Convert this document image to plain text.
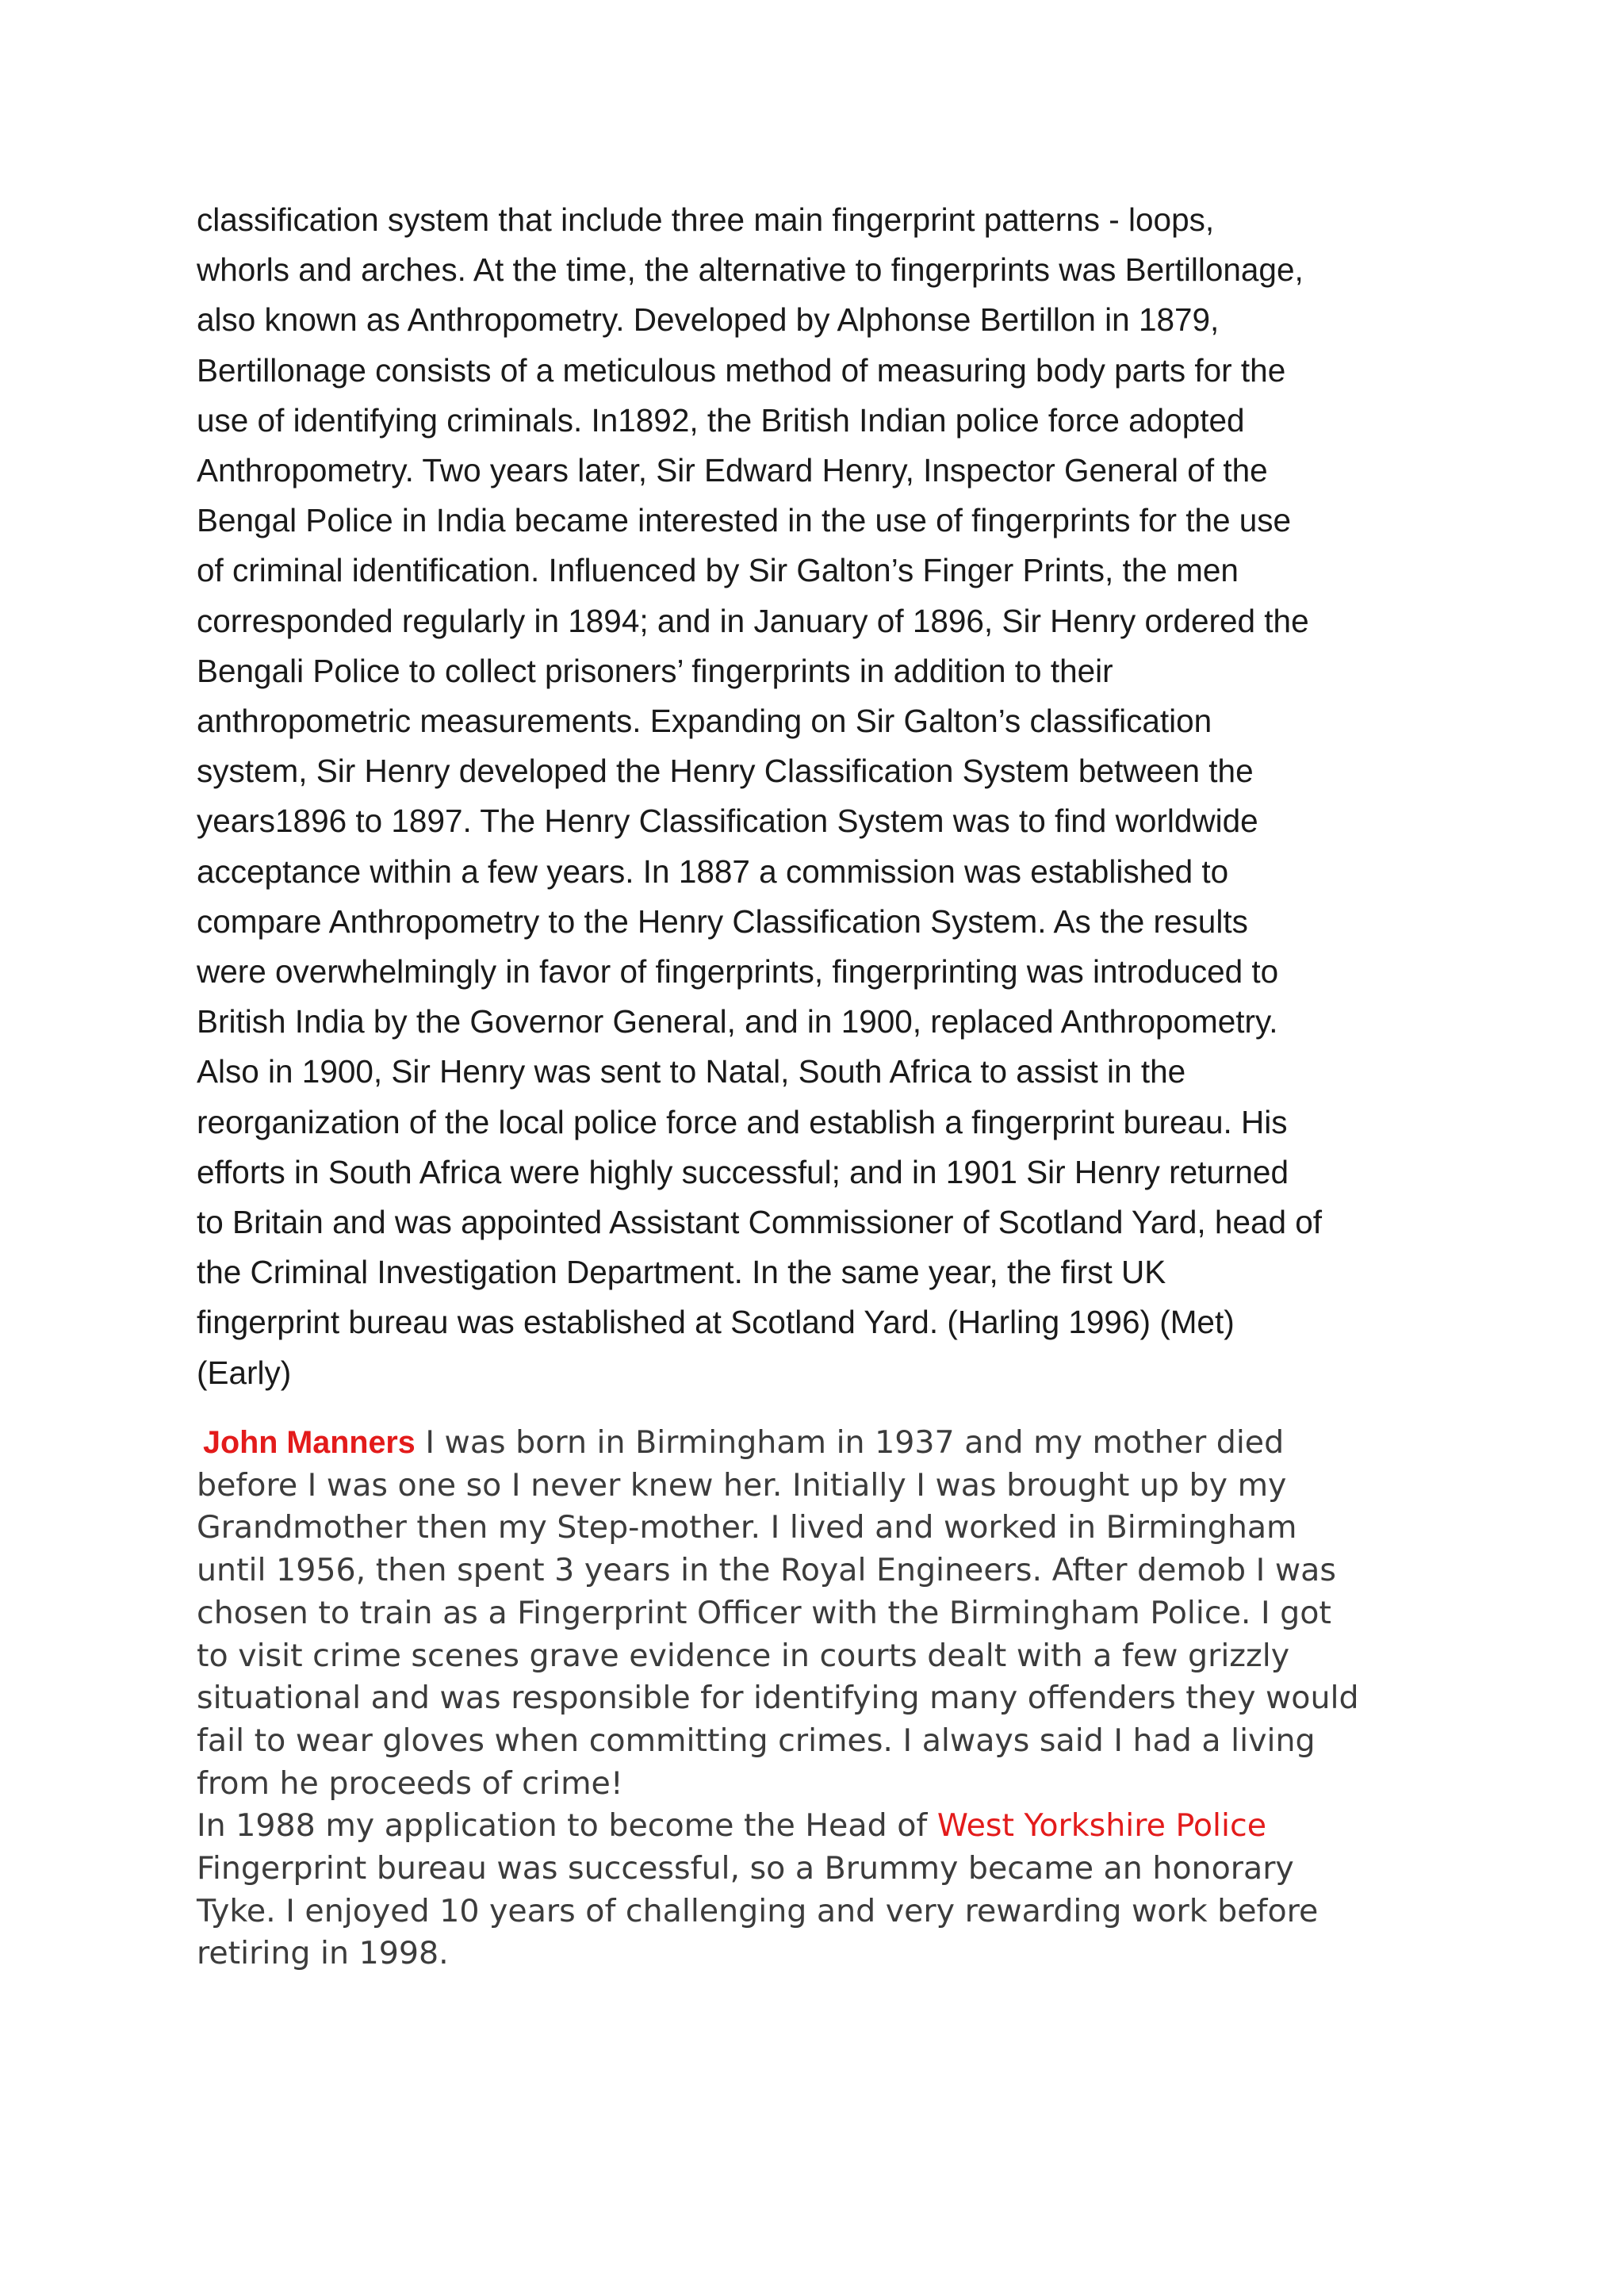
classification system that include three main fingerprint patterns - loops,
whorls and arches. At the time, the alternative to fingerprints was Bertillonage,
also known as Anthropometry. Developed by Alphonse Bertillon in 1879,
Bertillonage consists of a meticulous method of measuring body parts for the
use of identifying criminals. In1892, the British Indian police force adopted
Anthropometry. Two years later, Sir Edward Henry, Inspector General of the
Bengal Police in India became interested in the use of fingerprints for the use
of criminal identification. Influenced by Sir Galton’s Finger Prints, the men
corresponded regularly in 1894; and in January of 1896, Sir Henry ordered the
Bengali Police to collect prisoners’ fingerprints in addition to their
anthropometric measurements. Expanding on Sir Galton’s classification
system, Sir Henry developed the Henry Classification System between the
years1896 to 1897. The Henry Classification System was to find worldwide
acceptance within a few years. In 1887 a commission was established to
compare Anthropometry to the Henry Classification System. As the results
were overwhelmingly in favor of fingerprints, fingerprinting was introduced to
British India by the Governor General, and in 1900, replaced Anthropometry.
Also in 1900, Sir Henry was sent to Natal, South Africa to assist in the
reorganization of the local police force and establish a fingerprint bureau. His
efforts in South Africa were highly successful; and in 1901 Sir Henry returned
to Britain and was appointed Assistant Commissioner of Scotland Yard, head of
the Criminal Investigation Department. In the same year, the first UK
fingerprint bureau was established at Scotland Yard. (Harling 1996) (Met)
(Early)

John Manners I was born in Birmingham in 1937 and my mother died
before I was one so I never knew her. Initially I was brought up by my
Grandmother then my Step-mother. I lived and worked in Birmingham
until 1956, then spent 3 years in the Royal Engineers. After demob I was
chosen to train as a Fingerprint Officer with the Birmingham Police. I got
to visit crime scenes grave evidence in courts dealt with a few grizzly
situational and was responsible for identifying many offenders they would
fail to wear gloves when committing crimes. I always said I had a living
from he proceeds of crime!
In 1988 my application to become the Head of West Yorkshire Police
Fingerprint bureau was successful, so a Brummy became an honorary
Tyke. I enjoyed 10 years of challenging and very rewarding work before
retiring in 1998.
